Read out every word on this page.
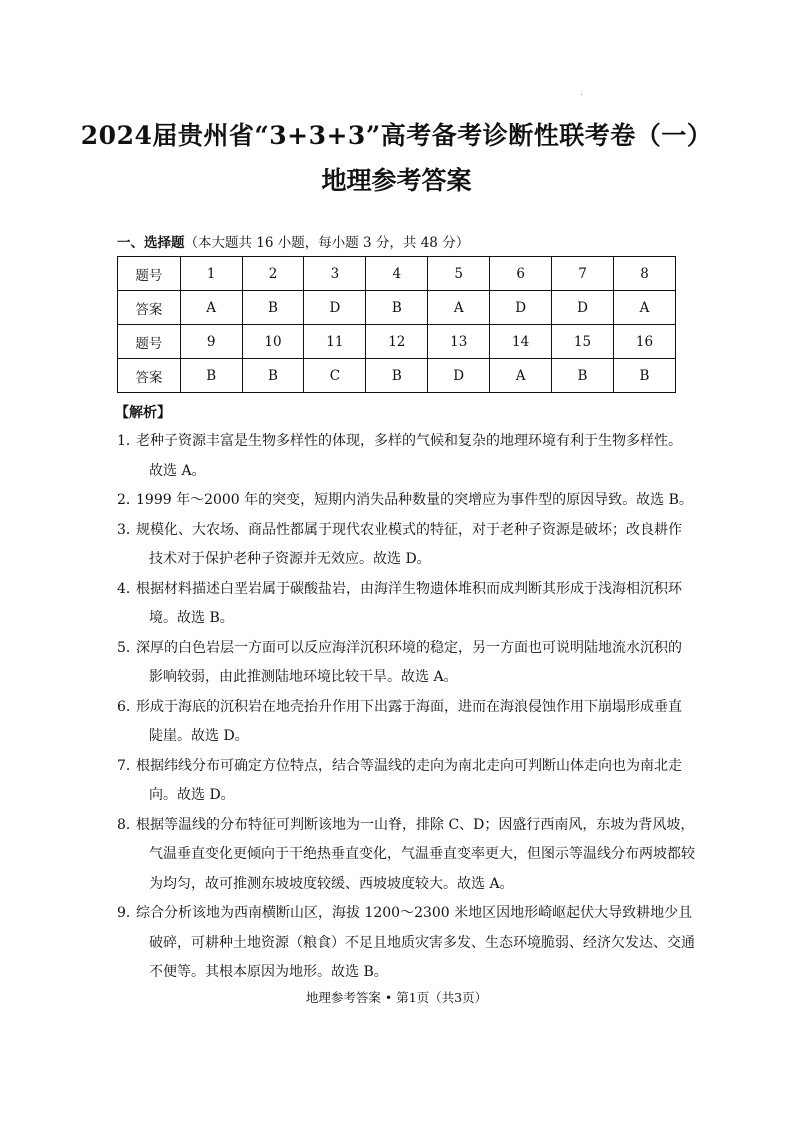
2024届贵州省“3+3+3”高考备考诊断性联考卷（一）
地理参考答案
一、选择题（本大题共 16 小题，每小题 3 分，共 48 分）
题号	1	2	3	4	5	6	7	8
答案	A	B	D	B	A	D	D	A
题号	9	10	11	12	13	14	15	16
答案	B	B	C	B	D	A	B	B
【解析】
1．
老种子资源丰富是生物多样性的体现，多样的气候和复杂的地理环境有利于生物多样性。
故选 A。
2．
1999 年～2000 年的突变，短期内消失品种数量的突增应为事件型的原因导致。故选 B。
3．
规模化、大农场、商品性都属于现代农业模式的特征，对于老种子资源是破坏；改良耕作
技术对于保护老种子资源并无效应。故选 D。
4．
根据材料描述白垩岩属于碳酸盐岩，由海洋生物遗体堆积而成判断其形成于浅海相沉积环
境。故选 B。
5．
深厚的白色岩层一方面可以反应海洋沉积环境的稳定，另一方面也可说明陆地流水沉积的
影响较弱，由此推测陆地环境比较干旱。故选 A。
6．
形成于海底的沉积岩在地壳抬升作用下出露于海面，进而在海浪侵蚀作用下崩塌形成垂直
陡崖。故选 D。
7．
根据纬线分布可确定方位特点，结合等温线的走向为南北走向可判断山体走向也为南北走
向。故选 D。
8．
根据等温线的分布特征可判断该地为一山脊，排除 C、D；因盛行西南风，东坡为背风坡，
气温垂直变化更倾向于干绝热垂直变化，气温垂直变率更大，但图示等温线分布两坡都较
为均匀，故可推测东坡坡度较缓、西坡坡度较大。故选 A。
9．
综合分析该地为西南横断山区，海拔 1200～2300 米地区因地形崎岖起伏大导致耕地少且
破碎，可耕种土地资源（粮食）不足且地质灾害多发、生态环境脆弱、经济欠发达、交通
不便等。其根本原因为地形。故选 B。
地理参考答案 • 第1页（共3页）
